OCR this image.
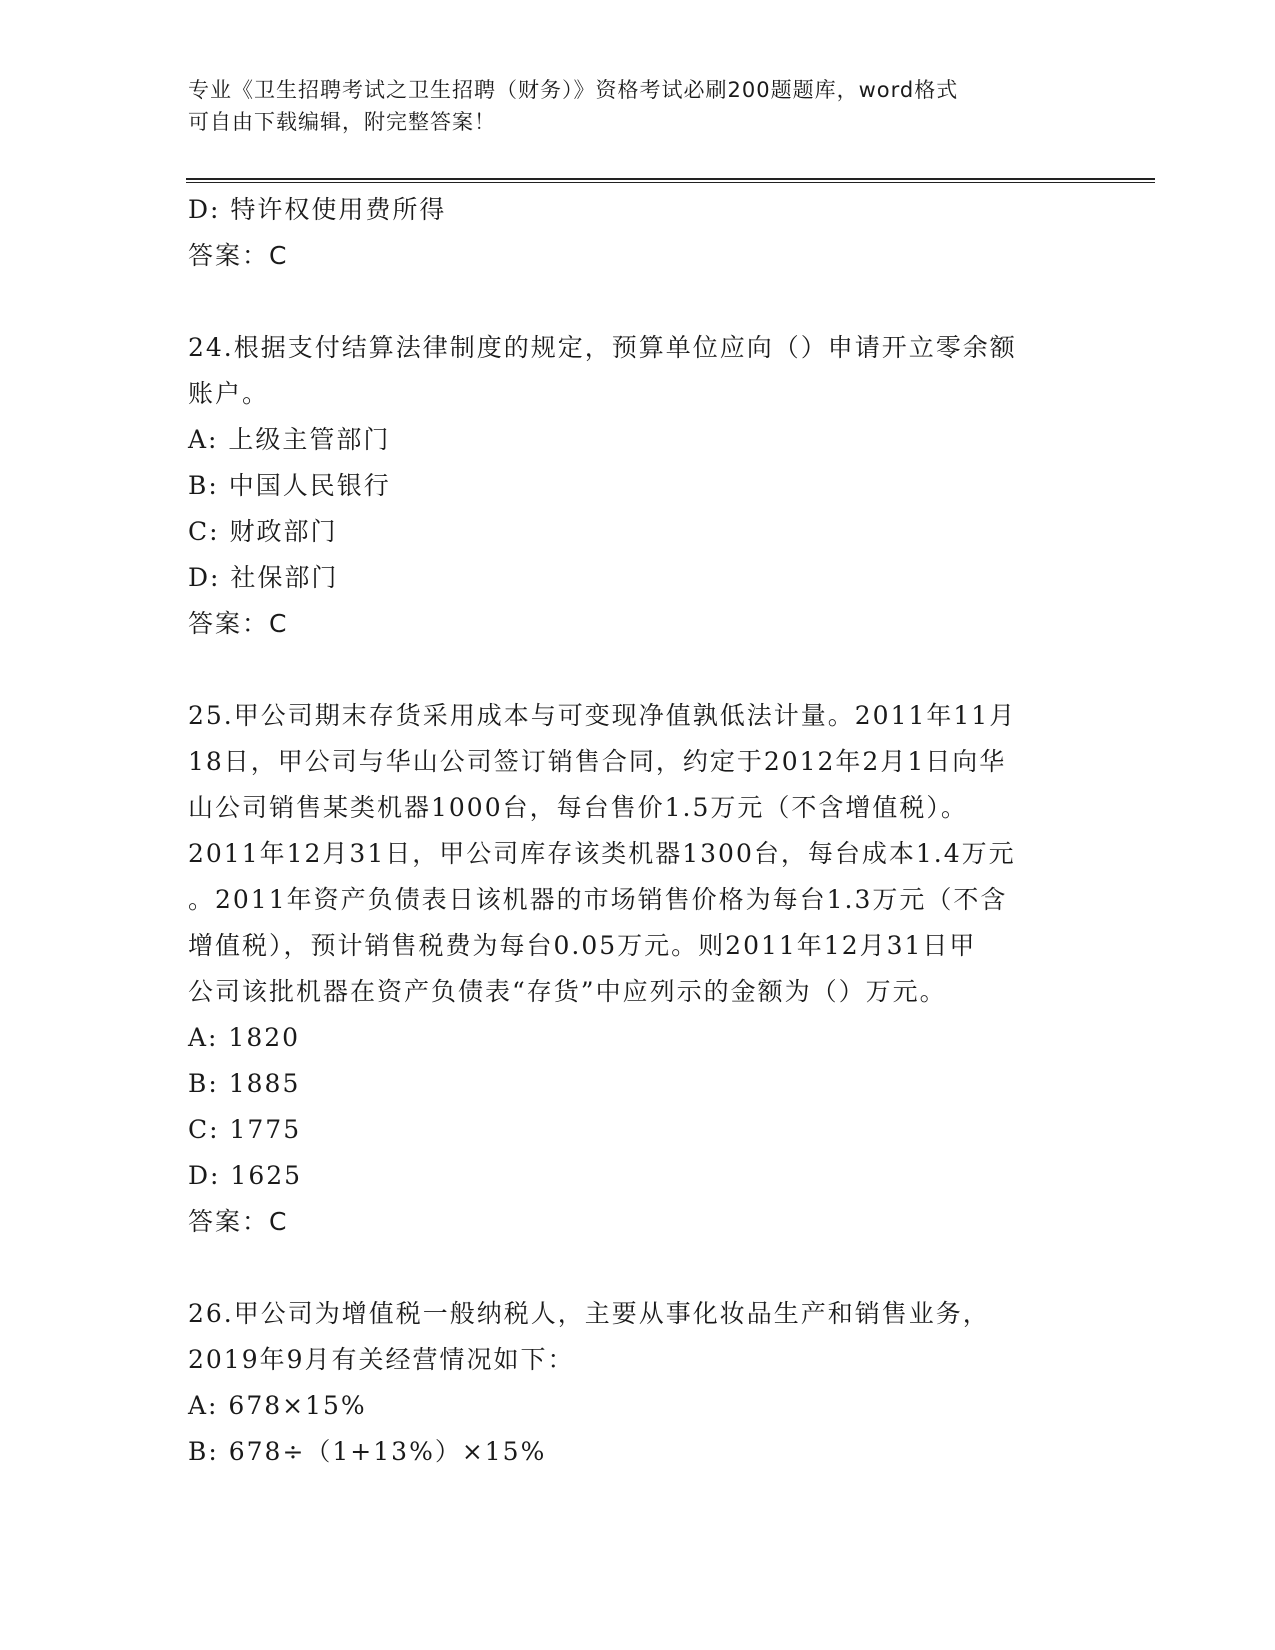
专业《卫生招聘考试之卫生招聘（财务）》资格考试必刷200题题库，word格式
可自由下载编辑，附完整答案！
D: 特许权使用费所得
答案：C
24.根据支付结算法律制度的规定，预算单位应向（）申请开立零余额
账户。
A: 上级主管部门
B: 中国人民银行
C: 财政部门
D: 社保部门
答案：C
25.甲公司期末存货采用成本与可变现净值孰低法计量。2011年11月
18日，甲公司与华山公司签订销售合同，约定于2012年2月1日向华
山公司销售某类机器1000台，每台售价1.5万元（不含增值税）。
2011年12月31日，甲公司库存该类机器1300台，每台成本1.4万元
。2011年资产负债表日该机器的市场销售价格为每台1.3万元（不含
增值税），预计销售税费为每台0.05万元。则2011年12月31日甲
公司该批机器在资产负债表“存货”中应列示的金额为（）万元。
A: 1820
B: 1885
C: 1775
D: 1625
答案：C
26.甲公司为增值税一般纳税人，主要从事化妆品生产和销售业务，
2019年9月有关经营情况如下：
A: 678×15%
B: 678÷（1+13%）×15%
